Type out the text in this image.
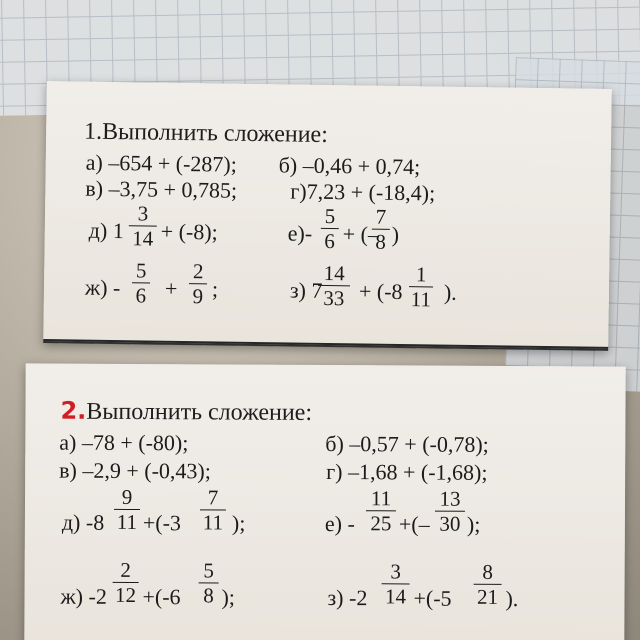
1.Выполнить сложение:
а) –654 + (-287); б) –0,46 + 0,74;
в) –3,75 + 0,785; г)7,23 + (-18,4);
д) 1
3
14 + (-8);	е)-
5
6 + (–
7
8 )
ж) -
5
6 +
2
9 ;	з) 7
14
33 + (-8
1
11 ).
2.Выполнить сложение:
а) –78 + (-80);	б) –0,57 + (-0,78);
в) –2,9 + (-0,43);	г) –1,68 + (-1,68);
д) -8
9
11 +(-3
7
11 );	е) -
11
25 +(–
13
30 );
ж) -2
2
12 +(-6
5
8 );	з) -2
3
14 +(-5
8
21 ).
